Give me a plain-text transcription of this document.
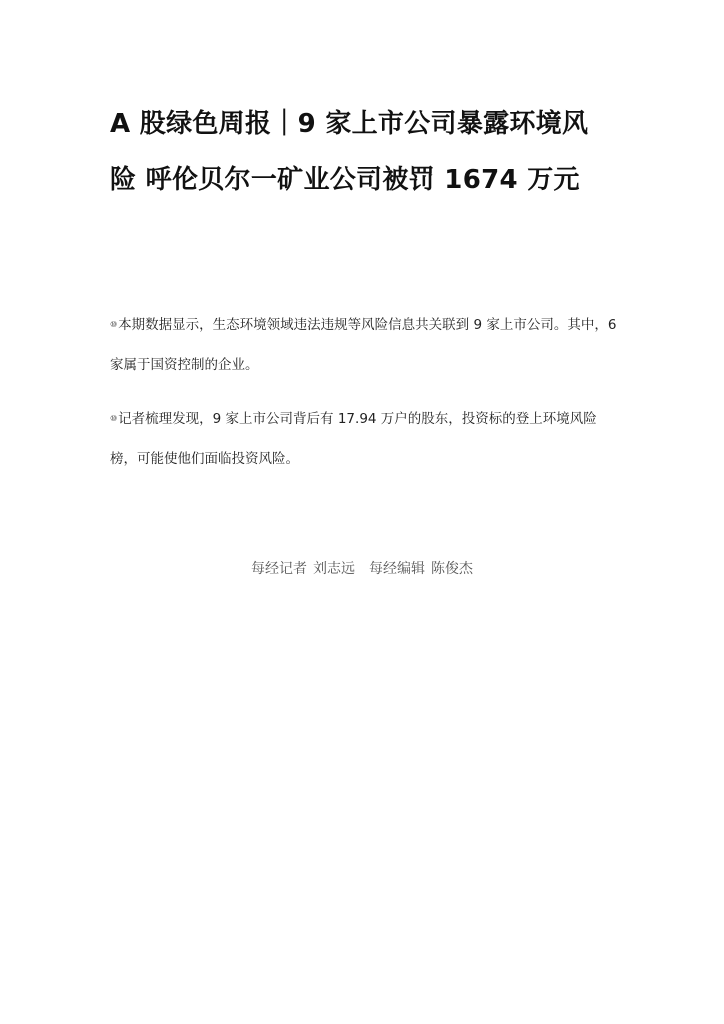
A 股绿色周报｜9 家上市公司暴露环境风险 呼伦贝尔一矿业公司被罚 1674 万元

⑩本期数据显示，生态环境领域违法违规等风险信息共关联到 9 家上市公司。其中，6 家属于国资控制的企业。

⑩记者梳理发现，9 家上市公司背后有 17.94 万户的股东，投资标的登上环境风险榜，可能使他们面临投资风险。

每经记者 刘志远 每经编辑 陈俊杰
